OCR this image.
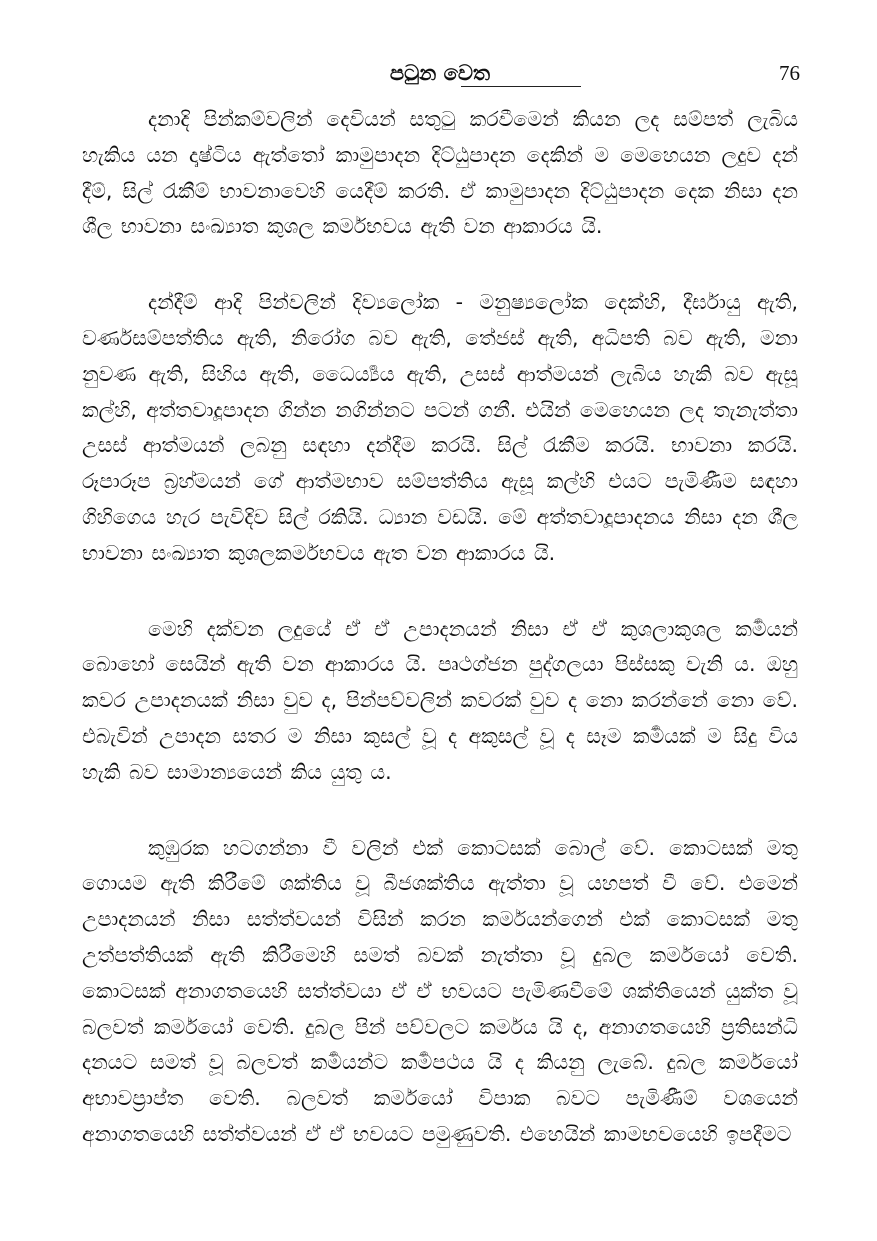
පටුන වෙත	76

දනාදි පින්කම්වලින් දෙවියන් සතුටු කරවීමෙන් කියන ලද සම්පත් ලැබිය හැකිය යන දෘෂ්ටිය ඇත්තෝ කාමුපාදන දිට්ඨුපාදන දෙකින් ම මෙහෙයන ලදුව දන් දීම්, සිල් රැකීම් භාවනාවෙහි යෙදීම් කරති. ඒ කාමුපාදන දිට්ඨුපාදන දෙක නිසා දන ශීල භාවනා සංඛ්‍යාත කුශල කර්මභවය ඇති වන ආකාරය යි.

දන්දීම් ආදි පින්වලින් දිව්‍යලෝක - මනුෂ්‍යලෝක දෙක්හි, දීර්ඝායු ඇති, වර්ණසම්පත්තිය ඇති, නිරෝග බව ඇති, තේජස් ඇති, අධිපති බව ඇති, මනා නුවණ ඇති, සිහිය ඇති, ධෛර්‍ය්‍යය ඇති, උසස් ආත්මයන් ලැබිය හැකි බව ඇසූ කල්හි, අත්තවාදූපාදන ගින්න නගින්නට පටන් ගනී. එයින් මෙහෙයන ලද තැනැත්තා උසස් ආත්මයන් ලබනු සඳහා දන්දීම කරයි. සිල් රැකීම කරයි. භාවනා කරයි. රූපාරූප බ්‍රහ්මයන් ගේ ආත්මභාව සම්පත්තිය ඇසූ කල්හි එයට පැමිණීම සඳහා ගිහිගෙය හැර පැවිදිව සිල් රකියි. ධ්‍යාන වඩයි. මේ අත්තවාදූපාදනය නිසා දන ශීල භාවනා සංඛ්‍යාත කුශලකර්මභවය ඇත වන ආකාරය යි.

මෙහි දක්වන ලදුයේ ඒ ඒ උපාදනයන් නිසා ඒ ඒ කුශලාකුශල කර්‍මයන් බොහෝ සෙයින් ඇති වන ආකාරය යි. පෘථග්ජන පුද්ගලයා පිස්සකු වැනි ය. ඔහු කවර උපාදනයක් නිසා වුව ද, පින්පව්වලින් කවරක් වුව ද නො කරන්නේ නො වේ. එබැවින් උපාදන සතර ම නිසා කුසල් වූ ද අකුසල් වූ ද සෑම කර්‍මයක් ම සිදු විය හැකි බව සාමාන්‍යයෙන් කිය යුතු ය.

කුඹුරක හටගන්නා වී වලින් එක් කොටසක් බොල් වේ. කොටසක් මතු ගොයම ඇති කිරීමේ ශක්තිය වූ බීජශක්තිය ඇත්තා වූ යහපත් වී වේ. එමෙන් උපාදනයන් නිසා සත්ත්වයන් විසින් කරන කර්මයන්ගෙන් එක් කොටසක් මතු උත්පත්තියක් ඇති කිරීමෙහි සමත් බවක් නැත්තා වූ දුබල කර්මයෝ වෙති. කොටසක් අනාගතයෙහි සත්ත්වයා ඒ ඒ භවයට පැමිණවීමේ ශක්තියෙන් යුක්ත වූ බලවත් කර්මයෝ වෙති. දුබල පින් පව්වලට කර්මය යි ද, අනාගතයෙහි ප්‍රතිසන්ධි දනයට සමත් වූ බලවත් කර්‍මයන්ට කර්‍මපථය යි ද කියනු ලැබේ. දුබල කර්මයෝ අභාවප්‍රාප්ත වෙති. බලවත් කර්මයෝ විපාක බවට පැමිණීම් වශයෙන් අනාගතයෙහි සත්ත්වයන් ඒ ඒ භවයට පමුණුවති. එහෙයින් කාමභවයෙහි ඉපදීමට
